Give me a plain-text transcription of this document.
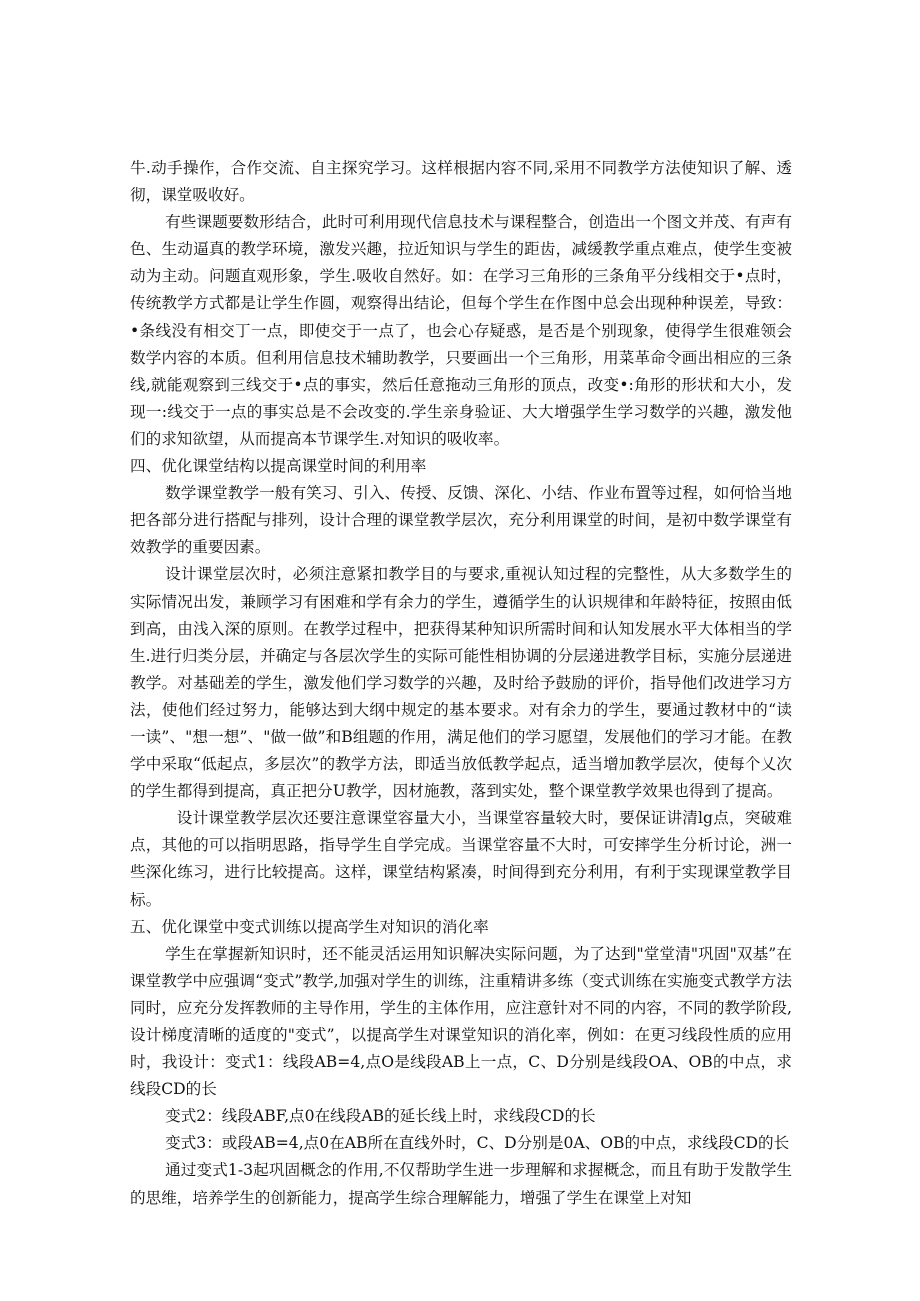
牛.动手操作，合作交流、自主探究学习。这样根据内容不同,采用不同教学方法使知识了解、透彻，课堂吸收好。

有些课题要数形结合，此时可利用现代信息技术与课程整合，创造出一个图文并茂、有声有色、生动逼真的教学环境，激发兴趣，拉近知识与学生的距齿，减缓教学重点难点，使学生变被动为主动。问题直观形象，学生.吸收自然好。如：在学习三角形的三条角平分线相交于•点时，传统教学方式都是让学生作圆，观察得出结论，但每个学生在作图中总会出现种种误差，导致：•条线没有相交丁一点，即使交于一点了，也会心存疑惑，是否是个别现象，使得学生很难领会数学内容的本质。但利用信息技术辅助教学，只要画出一个三角形，用菜革命令画出相应的三条线,就能观察到三线交于•点的事实，然后任意拖动三角形的顶点，改变•:角形的形状和大小，发现一:线交于一点的事实总是不会改变的.学生亲身验证、大大增强学生学习数学的兴趣，激发他们的求知欲望，从而提高本节课学生.对知识的吸收率。

四、优化课堂结构以提高课堂时间的利用率

数学课堂教学一般有笑习、引入、传授、反馈、深化、小结、作业布置等过程，如何恰当地把各部分进行搭配与排列，设计合理的课堂教学层次，充分利用课堂的时间，是初中数学课堂有效教学的重要因素。

设计课堂层次时，必须注意紧扣教学目的与要求,重视认知过程的完整性，从大多数学生的实际情况出发，兼顾学习有困难和学有余力的学生，遵循学生的认识规律和年龄特征，按照由低到高，由浅入深的原则。在教学过程中，把获得某种知识所需时间和认知发展水平大体相当的学生.进行归类分层，并确定与各层次学生的实际可能性相协调的分层递进教学目标，实施分层递进教学。对基础差的学生，激发他们学习数学的兴趣，及时给予鼓励的评价，指导他们改进学习方法，使他们经过努力，能够达到大纲中规定的基本要求。对有余力的学生，要通过教材中的“读一读”、"想一想”、"做一做”和B组题的作用，满足他们的学习愿望，发展他们的学习才能。在教学中采取“低起点，多层次”的教学方法，即适当放低教学起点，适当增加教学层次，使每个乂次的学生都得到提高，真正把分U教学，因材施教，落到实处，整个课堂教学效果也得到了提高。

设计课堂教学层次还要注意课堂容量大小，当课堂容量较大时，要保证讲清lg点，突破难点，其他的可以指明思路，指导学生自学完成。当课堂容量不大时，可安摔学生分析讨论，洲一些深化练习，进行比较提高。这样，课堂结构紧凑，时间得到充分利用，有利于实现课堂教学目标。

五、优化课堂中变式训练以提高学生对知识的消化率

学生在掌握新知识时，还不能灵活运用知识解决实际问题，为了达到"堂堂清"巩固"双基”在课堂教学中应强调“变式”教学,加强对学生的训练，注重精讲多练（变式训练在实施变式教学方法同时，应充分发挥教师的主导作用，学生的主体作用，应注意针对不同的内容，不同的教学阶段,设计梯度清晰的适度的"变式”，以提高学生对课堂知识的消化率，例如：在更习线段性质的应用时，我设计：变式1：线段AB=4,点O是线段AB上一点，C、D分别是线段OA、OB的中点，求线段CD的长

变式2：线段ABF,点0在线段AB的延长线上时，求线段CD的长

变式3：或段AB=4,点0在AB所在直线外时，C、D分别是0A、OB的中点，求线段CD的长

通过变式1-3起巩固概念的作用,不仅帮助学生进一步理解和求握概念，而且有助于发散学生的思维，培养学生的创新能力，提高学生综合理解能力，增强了学生在课堂上对知
